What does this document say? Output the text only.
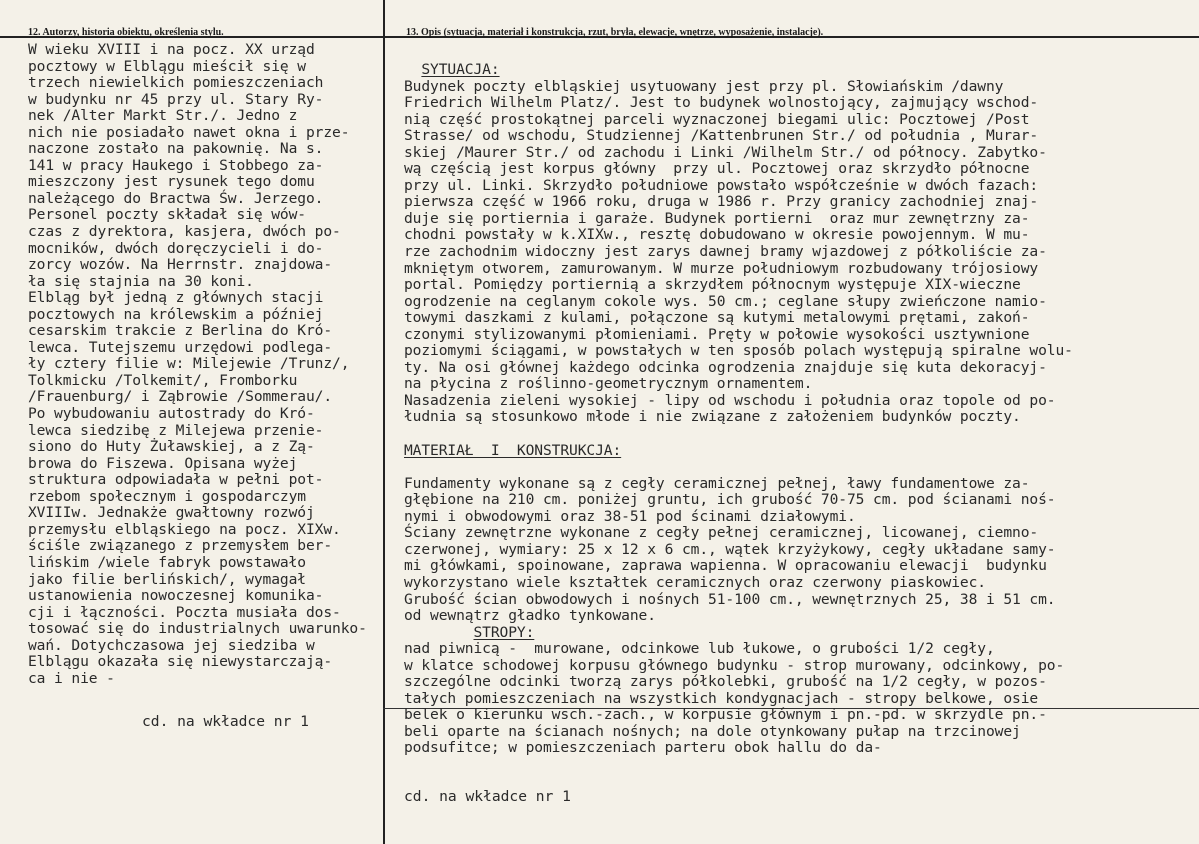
12. Autorzy, historia obiektu, określenia stylu.	13. Opis (sytuacja, materiał i konstrukcja, rzut, bryła, elewacje, wnętrze, wyposażenie, instalacje).
W wieku XVIII i na pocz. XX urząd
pocztowy w Elblągu mieścił się w
trzech niewielkich pomieszczeniach
w budynku nr 45 przy ul. Stary Ry-
nek /Alter Markt Str./. Jedno z
nich nie posiadało nawet okna i prze-
naczone zostało na pakownię. Na s.
141 w pracy Haukego i Stobbego za-
mieszczony jest rysunek tego domu
należącego do Bractwa Św. Jerzego.
Personel poczty składał się wów-
czas z dyrektora, kasjera, dwóch po-
mocników, dwóch doręczycieli i do-
zorcy wozów. Na Herrnstr. znajdowa-
ła się stajnia na 30 koni.
Elbląg był jedną z głównych stacji
pocztowych na królewskim a później
cesarskim trakcie z Berlina do Kró-
lewca. Tutejszemu urzędowi podlega-
ły cztery filie w: Milejewie /Trunz/,
Tolkmicku /Tolkemit/, Fromborku
/Frauenburg/ i Ząbrowie /Sommerau/.
Po wybudowaniu autostrady do Kró-
lewca siedzibę z Milejewa przenie-
siono do Huty Żuławskiej, a z Zą-
browa do Fiszewa. Opisana wyżej
struktura odpowiadała w pełni pot-
rzebom społecznym i gospodarczym
XVIIIw. Jednakże gwałtowny rozwój
przemysłu elbląskiego na pocz. XIXw.
ściśle związanego z przemysłem ber-
lińskim /wiele fabryk powstawało
jako filie berlińskich/, wymagał
ustanowienia nowoczesnej komunika-
cji i łączności. Poczta musiała dos-
tosować się do industrialnych uwarunko-
wań. Dotychczasowa jej siedziba w
Elblągu okazała się niewystarczają-
ca i nie -
cd. na wkładce nr 1
SYTUACJA:
Budynek poczty elbląskiej usytuowany jest przy pl. Słowiańskim /dawny
Friedrich Wilhelm Platz/. Jest to budynek wolnostojący, zajmujący wschod-
nią część prostokątnej parceli wyznaczonej biegami ulic: Pocztowej /Post
Strasse/ od wschodu, Studziennej /Kattenbrunen Str./ od południa , Murar-
skiej /Maurer Str./ od zachodu i Linki /Wilhelm Str./ od północy. Zabytko-
wą częścią jest korpus główny  przy ul. Pocztowej oraz skrzydło północne
przy ul. Linki. Skrzydło południowe powstało współcześnie w dwóch fazach:
pierwsza część w 1966 roku, druga w 1986 r. Przy granicy zachodniej znaj-
duje się portiernia i garaże. Budynek portierni  oraz mur zewnętrzny za-
chodni powstały w k.XIXw., resztę dobudowano w okresie powojennym. W mu-
rze zachodnim widoczny jest zarys dawnej bramy wjazdowej z półkoliście za-
mkniętym otworem, zamurowanym. W murze południowym rozbudowany trójosiowy
portal. Pomiędzy portiernią a skrzydłem północnym występuje XIX-wieczne
ogrodzenie na ceglanym cokole wys. 50 cm.; ceglane słupy zwieńczone namio-
towymi daszkami z kulami, połączone są kutymi metalowymi prętami, zakoń-
czonymi stylizowanymi płomieniami. Pręty w połowie wysokości usztywnione
poziomymi ściągami, w powstałych w ten sposób polach występują spiralne wolu-
ty. Na osi głównej każdego odcinka ogrodzenia znajduje się kuta dekoracyj-
na płycina z roślinno-geometrycznym ornamentem.
Nasadzenia zieleni wysokiej - lipy od wschodu i południa oraz topole od po-
łudnia są stosunkowo młode i nie związane z założeniem budynków poczty.
MATERIAŁ  I  KONSTRUKCJA:
Fundamenty wykonane są z cegły ceramicznej pełnej, ławy fundamentowe za-
głębione na 210 cm. poniżej gruntu, ich grubość 70-75 cm. pod ścianami noś-
nymi i obwodowymi oraz 38-51 pod ścinami działowymi.
Ściany zewnętrzne wykonane z cegły pełnej ceramicznej, licowanej, ciemno-
czerwonej, wymiary: 25 x 12 x 6 cm., wątek krzyżykowy, cegły układane samy-
mi główkami, spoinowane, zaprawa wapienna. W opracowaniu elewacji  budynku
wykorzystano wiele kształtek ceramicznych oraz czerwony piaskowiec.
Grubość ścian obwodowych i nośnych 51-100 cm., wewnętrznych 25, 38 i 51 cm.
od wewnątrz gładko tynkowane.
STROPY:
nad piwnicą -  murowane, odcinkowe lub łukowe, o grubości 1/2 cegły,
w klatce schodowej korpusu głównego budynku - strop murowany, odcinkowy, po-
szczególne odcinki tworzą zarys półkolebki, grubość na 1/2 cegły, w pozos-
tałych pomieszczeniach na wszystkich kondygnacjach - stropy belkowe, osie
belek o kierunku wsch.-zach., w korpusie głównym i pn.-pd. w skrzydle pn.-
beli oparte na ścianach nośnych; na dole otynkowany pułap na trzcinowej
podsufitce; w pomieszczeniach parteru obok hallu do da-
cd. na wkładce nr 1
